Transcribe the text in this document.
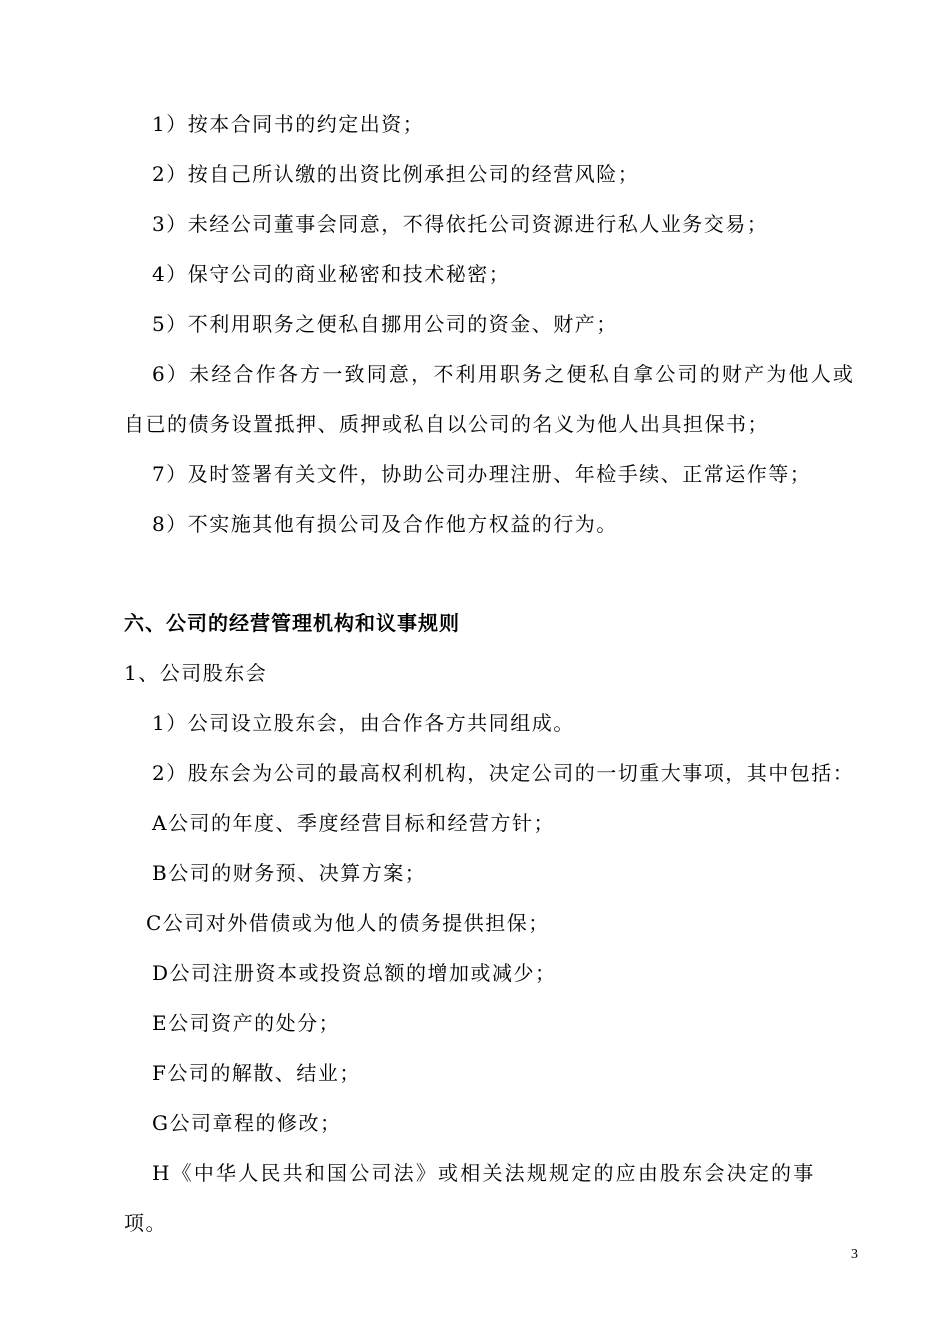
1）按本合同书的约定出资；
2）按自己所认缴的出资比例承担公司的经营风险；
3）未经公司董事会同意，不得依托公司资源进行私人业务交易；
4）保守公司的商业秘密和技术秘密；
5）不利用职务之便私自挪用公司的资金、财产；
6）未经合作各方一致同意，不利用职务之便私自拿公司的财产为他人或
自已的债务设置抵押、质押或私自以公司的名义为他人出具担保书；
7）及时签署有关文件，协助公司办理注册、年检手续、正常运作等；
8）不实施其他有损公司及合作他方权益的行为。
六、公司的经营管理机构和议事规则
1、公司股东会
1）公司设立股东会，由合作各方共同组成。
2）股东会为公司的最高权利机构，决定公司的一切重大事项，其中包括：
A公司的年度、季度经营目标和经营方针；
B公司的财务预、决算方案；
C公司对外借债或为他人的债务提供担保；
D公司注册资本或投资总额的增加或减少；
E公司资产的处分；
F公司的解散、结业；
G公司章程的修改；
H《中华人民共和国公司法》或相关法规规定的应由股东会决定的事
项。
3
